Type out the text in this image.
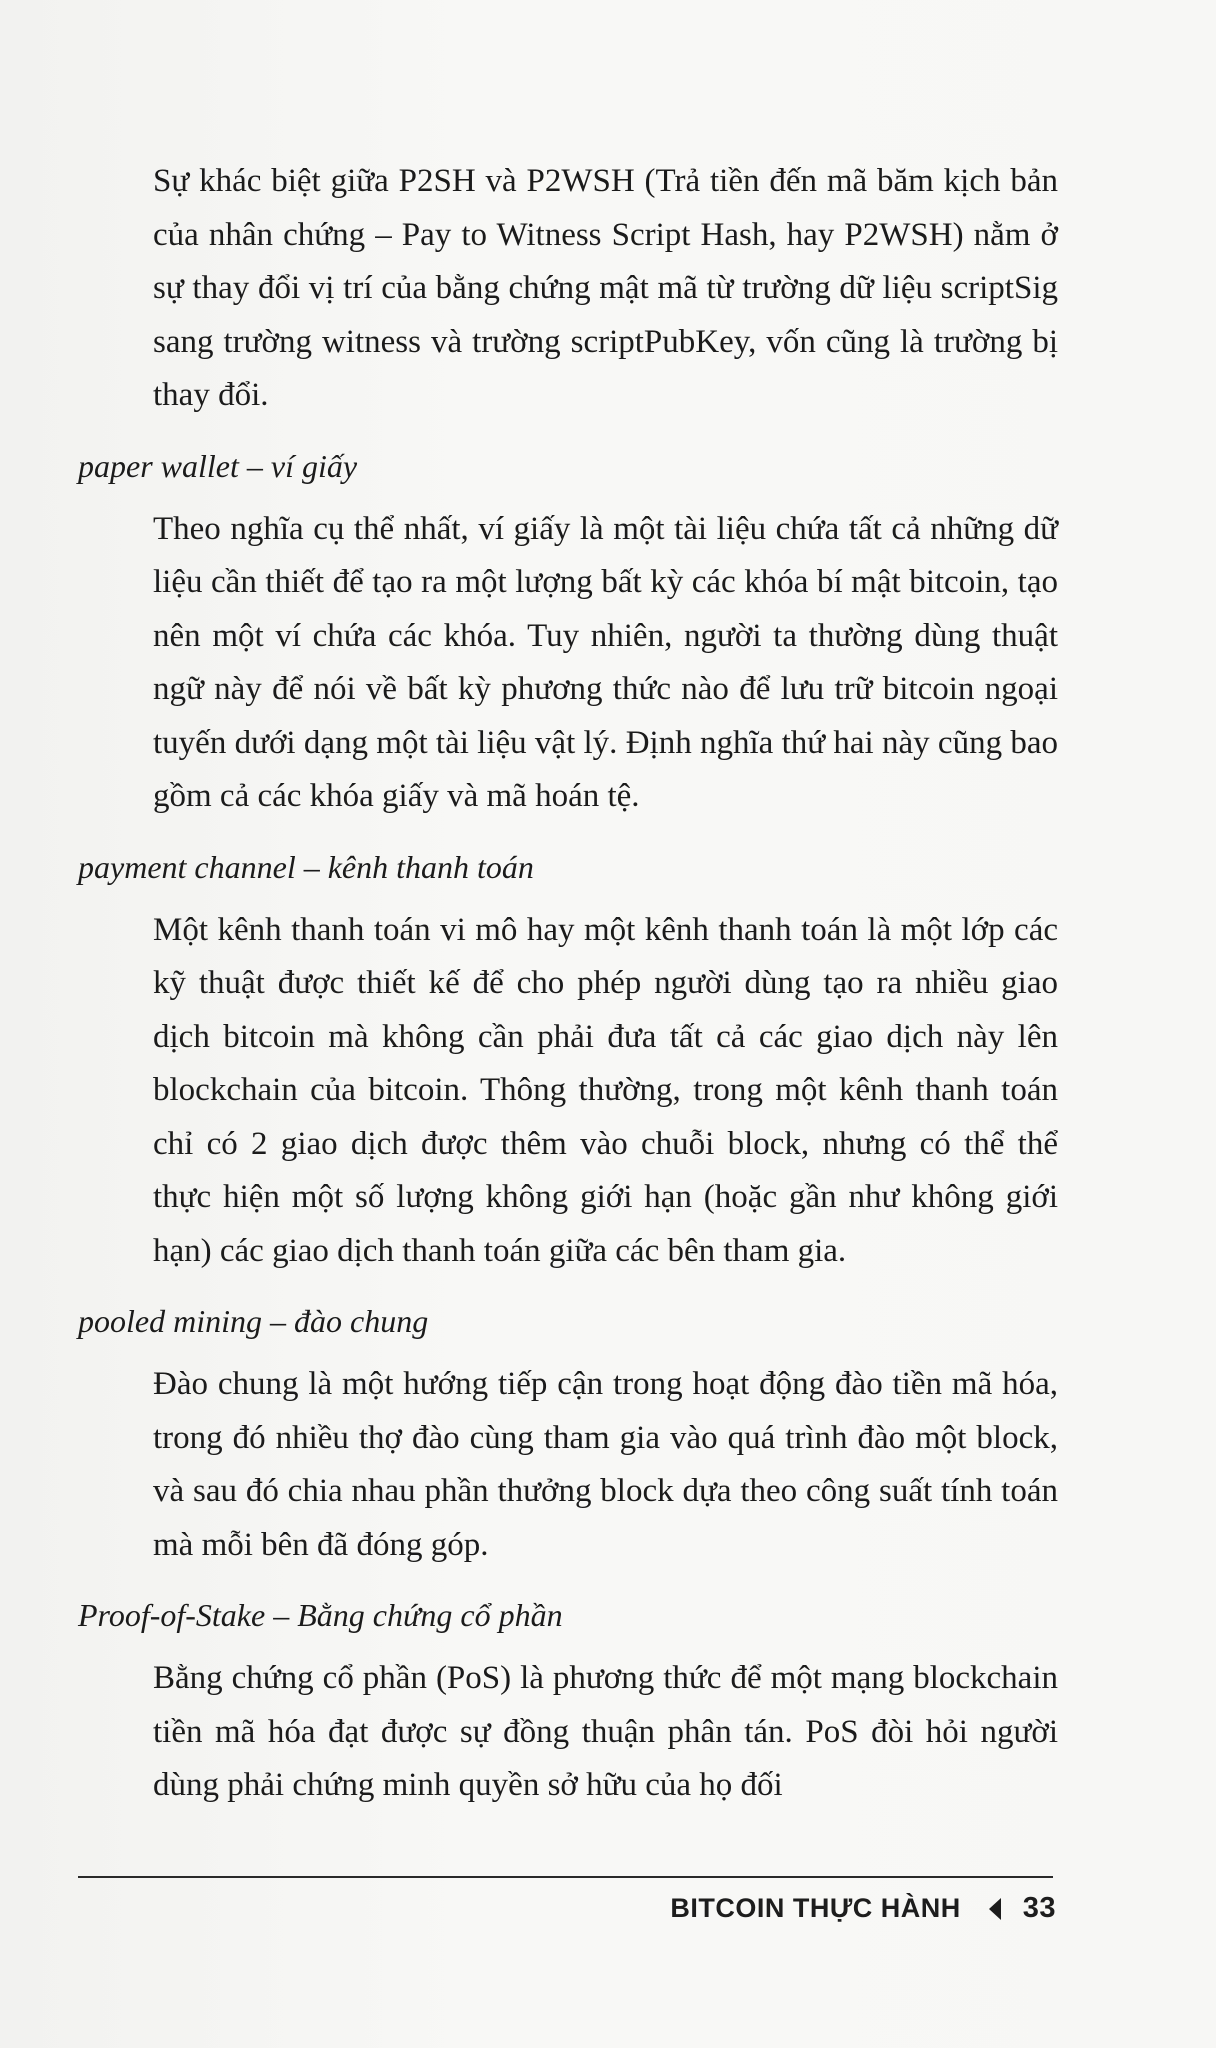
Sự khác biệt giữa P2SH và P2WSH (Trả tiền đến mã băm kịch bản của nhân chứng – Pay to Witness Script Hash, hay P2WSH) nằm ở sự thay đổi vị trí của bằng chứng mật mã từ trường dữ liệu scriptSig sang trường witness và trường scriptPubKey, vốn cũng là trường bị thay đổi.

paper wallet – ví giấy

Theo nghĩa cụ thể nhất, ví giấy là một tài liệu chứa tất cả những dữ liệu cần thiết để tạo ra một lượng bất kỳ các khóa bí mật bitcoin, tạo nên một ví chứa các khóa. Tuy nhiên, người ta thường dùng thuật ngữ này để nói về bất kỳ phương thức nào để lưu trữ bitcoin ngoại tuyến dưới dạng một tài liệu vật lý. Định nghĩa thứ hai này cũng bao gồm cả các khóa giấy và mã hoán tệ.

payment channel – kênh thanh toán

Một kênh thanh toán vi mô hay một kênh thanh toán là một lớp các kỹ thuật được thiết kế để cho phép người dùng tạo ra nhiều giao dịch bitcoin mà không cần phải đưa tất cả các giao dịch này lên blockchain của bitcoin. Thông thường, trong một kênh thanh toán chỉ có 2 giao dịch được thêm vào chuỗi block, nhưng có thể thể thực hiện một số lượng không giới hạn (hoặc gần như không giới hạn) các giao dịch thanh toán giữa các bên tham gia.

pooled mining – đào chung

Đào chung là một hướng tiếp cận trong hoạt động đào tiền mã hóa, trong đó nhiều thợ đào cùng tham gia vào quá trình đào một block, và sau đó chia nhau phần thưởng block dựa theo công suất tính toán mà mỗi bên đã đóng góp.

Proof-of-Stake – Bằng chứng cổ phần

Bằng chứng cổ phần (PoS) là phương thức để một mạng blockchain tiền mã hóa đạt được sự đồng thuận phân tán. PoS đòi hỏi người dùng phải chứng minh quyền sở hữu của họ đối

BITCOIN THỰC HÀNH 33
